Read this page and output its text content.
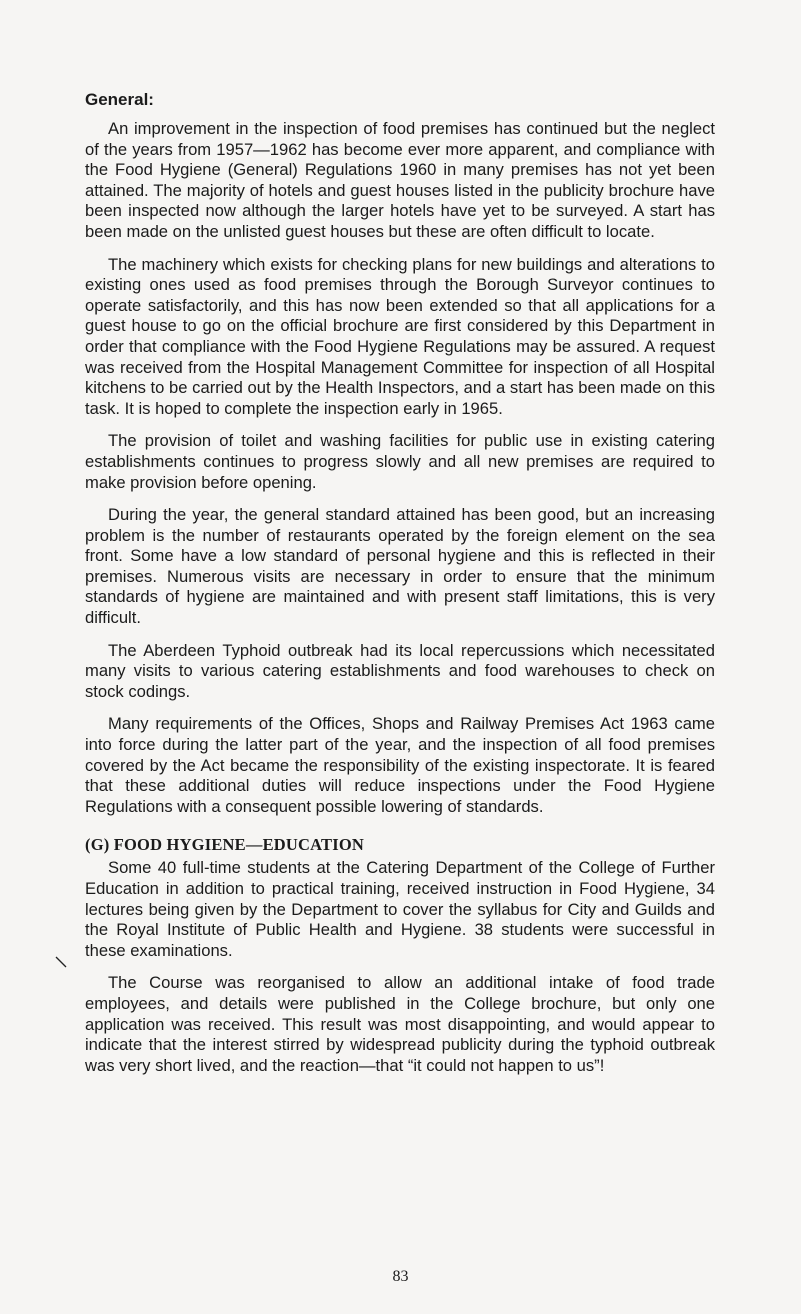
General:

An improvement in the inspection of food premises has continued but the neglect of the years from 1957—1962 has become ever more apparent, and compliance with the Food Hygiene (General) Regulations 1960 in many premises has not yet been attained. The majority of hotels and guest houses listed in the publicity brochure have been inspected now although the larger hotels have yet to be surveyed. A start has been made on the unlisted guest houses but these are often difficult to locate.

The machinery which exists for checking plans for new buildings and alterations to existing ones used as food premises through the Borough Surveyor continues to operate satisfactorily, and this has now been extended so that all applications for a guest house to go on the official brochure are first considered by this Department in order that compliance with the Food Hygiene Regulations may be assured. A request was received from the Hospital Management Committee for inspection of all Hospital kitchens to be carried out by the Health Inspectors, and a start has been made on this task. It is hoped to complete the inspection early in 1965.

The provision of toilet and washing facilities for public use in existing catering establishments continues to progress slowly and all new premises are required to make provision before opening.

During the year, the general standard attained has been good, but an increasing problem is the number of restaurants operated by the foreign element on the sea front. Some have a low standard of personal hygiene and this is reflected in their premises. Numerous visits are necessary in order to ensure that the minimum standards of hygiene are maintained and with present staff limitations, this is very difficult.

The Aberdeen Typhoid outbreak had its local repercussions which necessitated many visits to various catering establishments and food warehouses to check on stock codings.

Many requirements of the Offices, Shops and Railway Premises Act 1963 came into force during the latter part of the year, and the inspection of all food premises covered by the Act became the responsibility of the existing inspectorate. It is feared that these additional duties will reduce inspections under the Food Hygiene Regulations with a consequent possible lowering of standards.

(G) FOOD HYGIENE—EDUCATION

Some 40 full-time students at the Catering Department of the College of Further Education in addition to practical training, received instruction in Food Hygiene, 34 lectures being given by the Department to cover the syllabus for City and Guilds and the Royal Institute of Public Health and Hygiene. 38 students were successful in these examinations.

The Course was reorganised to allow an additional intake of food trade employees, and details were published in the College brochure, but only one application was received. This result was most disappointing, and would appear to indicate that the interest stirred by widespread publicity during the typhoid outbreak was very short lived, and the reaction—that “it could not happen to us”!

83
